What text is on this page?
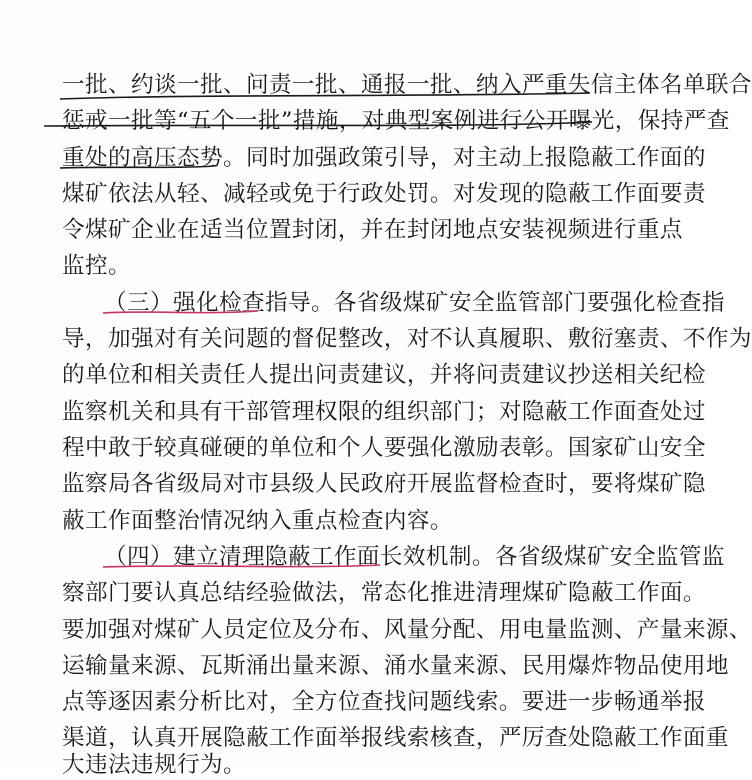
一批、约谈一批、问责一批、通报一批、纳入严重失信主体名单联合

惩戒一批等“五个一批”措施，对典型案例进行公开曝光，保持严查

重处的高压态势。同时加强政策引导，对主动上报隐蔽工作面的

煤矿依法从轻、减轻或免于行政处罚。对发现的隐蔽工作面要责

令煤矿企业在适当位置封闭，并在封闭地点安装视频进行重点

监控。

（三）强化检查指导。各省级煤矿安全监管部门要强化检查指

导，加强对有关问题的督促整改，对不认真履职、敷衍塞责、不作为

的单位和相关责任人提出问责建议，并将问责建议抄送相关纪检

监察机关和具有干部管理权限的组织部门；对隐蔽工作面查处过

程中敢于较真碰硬的单位和个人要强化激励表彰。国家矿山安全

监察局各省级局对市县级人民政府开展监督检查时，要将煤矿隐

蔽工作面整治情况纳入重点检查内容。

（四）建立清理隐蔽工作面长效机制。各省级煤矿安全监管监

察部门要认真总结经验做法，常态化推进清理煤矿隐蔽工作面。

要加强对煤矿人员定位及分布、风量分配、用电量监测、产量来源、

运输量来源、瓦斯涌出量来源、涌水量来源、民用爆炸物品使用地

点等逐因素分析比对，全方位查找问题线索。要进一步畅通举报

渠道，认真开展隐蔽工作面举报线索核查，严厉查处隐蔽工作面重

大违法违规行为。
